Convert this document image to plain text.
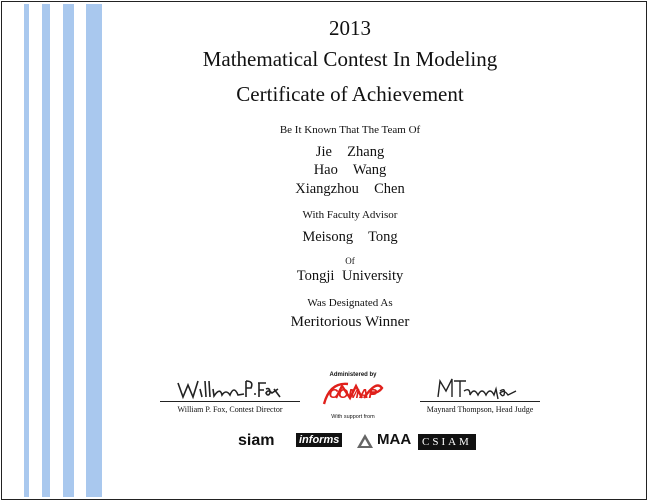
2013
Mathematical Contest In Modeling
Certificate of Achievement
Be It Known That The Team Of
Jie  Zhang
Hao  Wang
Xiangzhou  Chen
With Faculty Advisor
Meisong  Tong
Of
Tongji University
Was Designated As
Meritorious Winner
William P. Fox, Contest Director	Maynard Thompson, Head Judge
Administered by
COMAP
With support from
siam informs	MAA CSIAM
